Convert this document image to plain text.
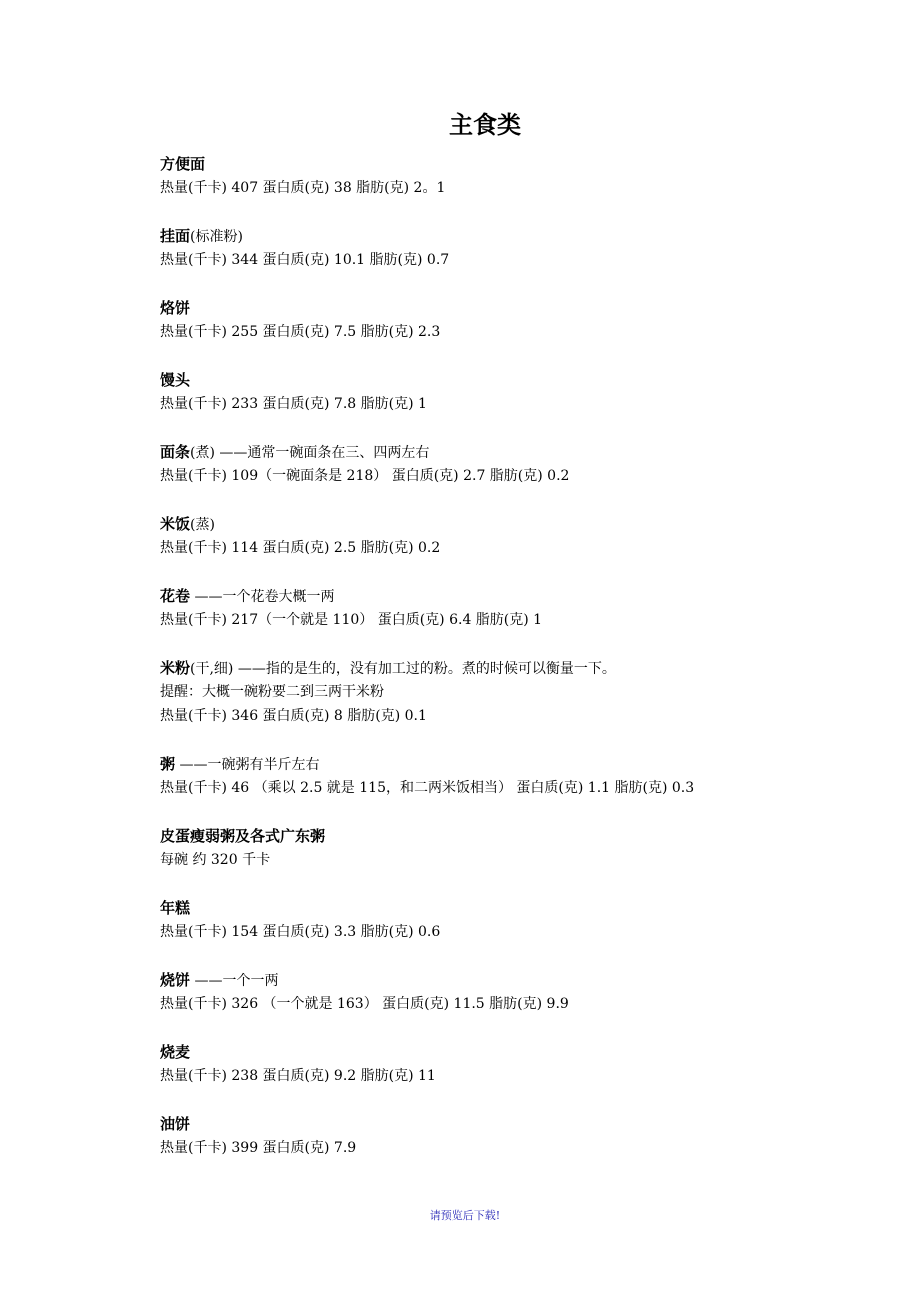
主食类
方便面
热量(千卡) 407 蛋白质(克) 38 脂肪(克) 2。1
挂面(标准粉)
热量(千卡) 344 蛋白质(克) 10.1 脂肪(克) 0.7
烙饼
热量(千卡) 255 蛋白质(克) 7.5 脂肪(克) 2.3
馒头
热量(千卡) 233 蛋白质(克) 7.8 脂肪(克) 1
面条(煮) ——通常一碗面条在三、四两左右
热量(千卡) 109（一碗面条是 218） 蛋白质(克) 2.7 脂肪(克) 0.2
米饭(蒸)
热量(千卡) 114 蛋白质(克) 2.5 脂肪(克) 0.2
花卷 ——一个花卷大概一两
热量(千卡) 217（一个就是 110） 蛋白质(克) 6.4 脂肪(克) 1
米粉(干,细) ——指的是生的，没有加工过的粉。煮的时候可以衡量一下。
提醒：大概一碗粉要二到三两干米粉
热量(千卡) 346 蛋白质(克) 8 脂肪(克) 0.1
粥 ——一碗粥有半斤左右
热量(千卡) 46 （乘以 2.5 就是 115，和二两米饭相当） 蛋白质(克) 1.1 脂肪(克) 0.3
皮蛋瘦弱粥及各式广东粥
每碗 约 320 千卡
年糕
热量(千卡) 154 蛋白质(克) 3.3 脂肪(克) 0.6
烧饼 ——一个一两
热量(千卡) 326 （一个就是 163） 蛋白质(克) 11.5 脂肪(克) 9.9
烧麦
热量(千卡) 238 蛋白质(克) 9.2 脂肪(克) 11
油饼
热量(千卡) 399 蛋白质(克) 7.9
请预览后下载!
